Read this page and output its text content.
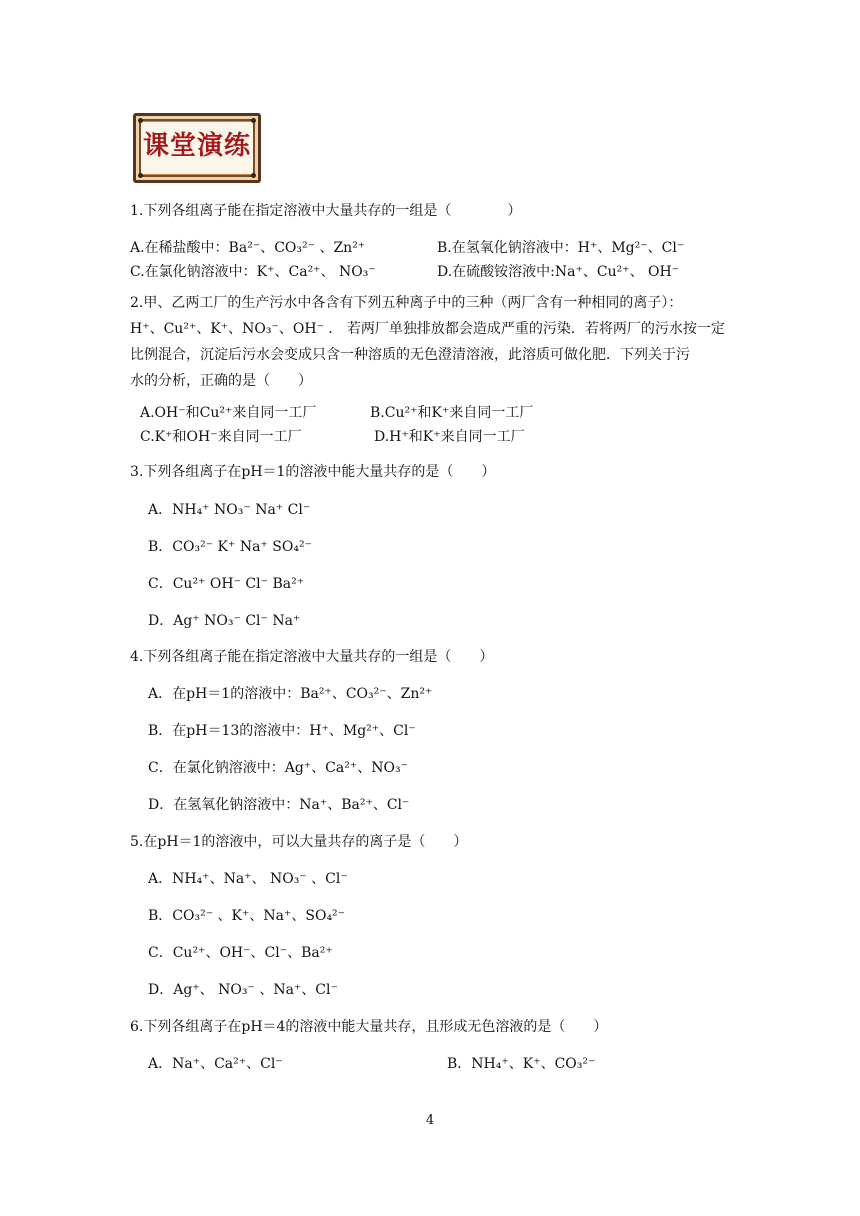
课堂演练
1.下列各组离子能在指定溶液中大量共存的一组是（　　　　）
A.在稀盐酸中：Ba²⁻、CO₃²⁻ 、Zn²⁺	B.在氢氧化钠溶液中：H⁺、Mg²⁻、Cl⁻
C.在氯化钠溶液中：K⁺、Ca²⁺、 NO₃⁻	D.在硫酸铵溶液中:Na⁺、Cu²⁺、 OH⁻
2.甲、乙两工厂的生产污水中各含有下列五种离子中的三种（两厂含有一种相同的离子）：
H⁺、Cu²⁺、K⁺、NO₃⁻、OH⁻ ． 若两厂单独排放都会造成严重的污染．若将两厂的污水按一定
比例混合，沉淀后污水会变成只含一种溶质的无色澄清溶液，此溶质可做化肥．下列关于污
水的分析，正确的是（　　）
A.OH⁻和Cu²⁺来自同一工厂	B.Cu²⁺和K⁺来自同一工厂
C.K⁺和OH⁻来自同一工厂	D.H⁺和K⁺来自同一工厂
3.下列各组离子在pH＝1的溶液中能大量共存的是（　　）
A．NH₄⁺ NO₃⁻ Na⁺ Cl⁻
B．CO₃²⁻ K⁺ Na⁺ SO₄²⁻
C．Cu²⁺ OH⁻ Cl⁻ Ba²⁺
D．Ag⁺ NO₃⁻ Cl⁻ Na⁺
4.下列各组离子能在指定溶液中大量共存的一组是（　　）
A．在pH＝1的溶液中：Ba²⁺、CO₃²⁻、Zn²⁺
B．在pH＝13的溶液中：H⁺、Mg²⁺、Cl⁻
C．在氯化钠溶液中：Ag⁺、Ca²⁺、NO₃⁻
D．在氢氧化钠溶液中：Na⁺、Ba²⁺、Cl⁻
5.在pH＝1的溶液中，可以大量共存的离子是（　　）
A．NH₄⁺、Na⁺、 NO₃⁻ 、Cl⁻
B．CO₃²⁻ 、K⁺、Na⁺、SO₄²⁻
C．Cu²⁺、OH⁻、Cl⁻、Ba²⁺
D．Ag⁺、 NO₃⁻ 、Na⁺、Cl⁻
6.下列各组离子在pH＝4的溶液中能大量共存，且形成无色溶液的是（　　）
A．Na⁺、Ca²⁺、Cl⁻	B．NH₄⁺、K⁺、CO₃²⁻
4
